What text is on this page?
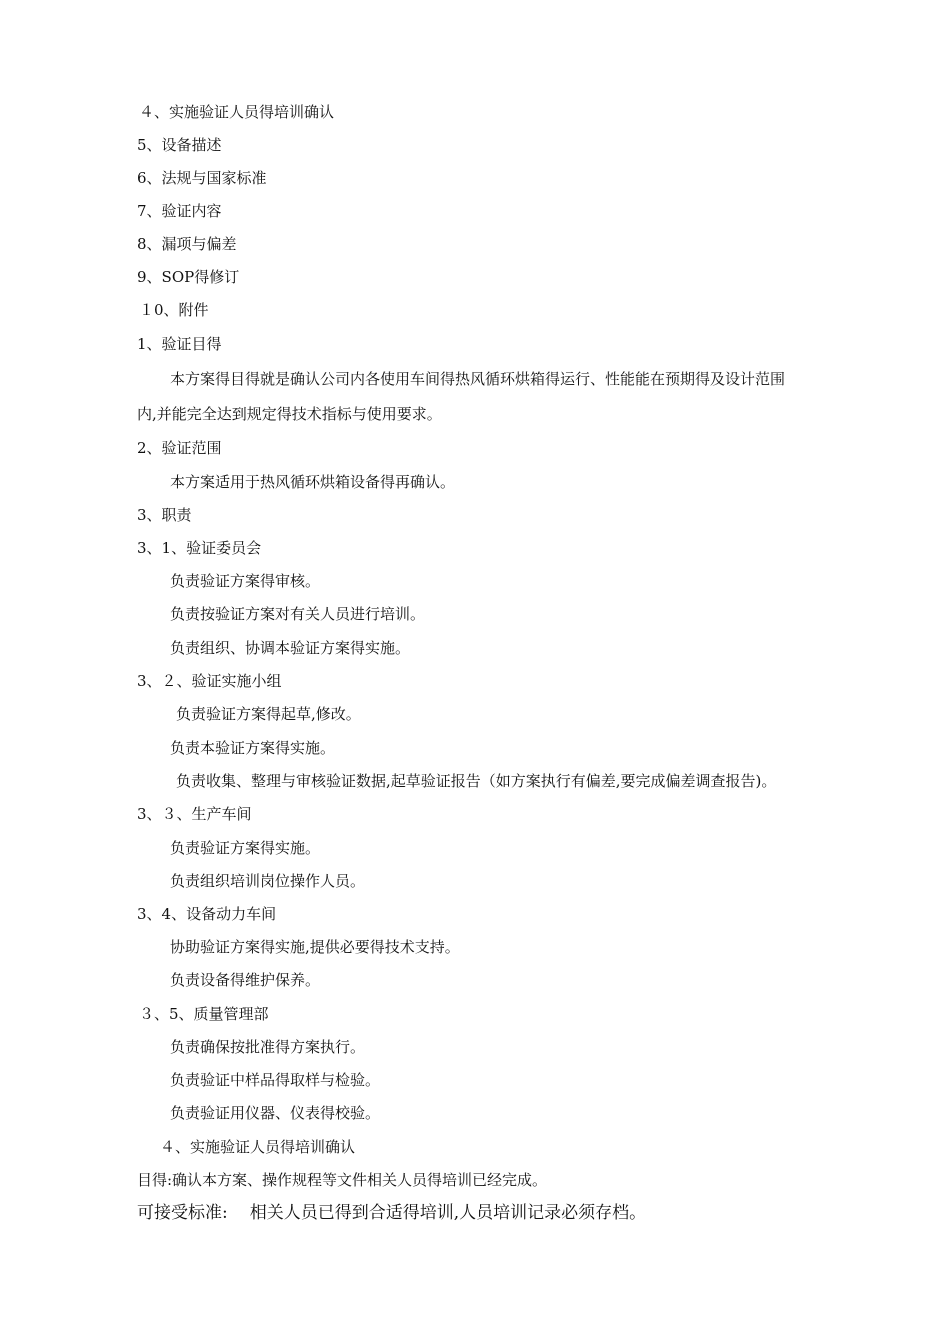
４、实施验证人员得培训确认

5、设备描述

6、法规与国家标准

7、验证内容

8、漏项与偏差

9、SOP得修订

１0、附件

1、验证目得

本方案得目得就是确认公司内各使用车间得热风循环烘箱得运行、性能能在预期得及设计范围

内,并能完全达到规定得技术指标与使用要求。

2、验证范围

本方案适用于热风循环烘箱设备得再确认。

3、职责

3、1、验证委员会

负责验证方案得审核。

负责按验证方案对有关人员进行培训。

负责组织、协调本验证方案得实施。

3、２、验证实施小组

负责验证方案得起草,修改。

负责本验证方案得实施。

负责收集、整理与审核验证数据,起草验证报告（如方案执行有偏差,要完成偏差调查报告)。

3、３、生产车间

负责验证方案得实施。

负责组织培训岗位操作人员。

3、4、设备动力车间

协助验证方案得实施,提供必要得技术支持。

负责设备得维护保养。

３、5、质量管理部

负责确保按批准得方案执行。

负责验证中样品得取样与检验。

负责验证用仪器、仪表得校验。

４、实施验证人员得培训确认

目得:确认本方案、操作规程等文件相关人员得培训已经完成。

可接受标准: 相关人员已得到合适得培训,人员培训记录必须存档。
